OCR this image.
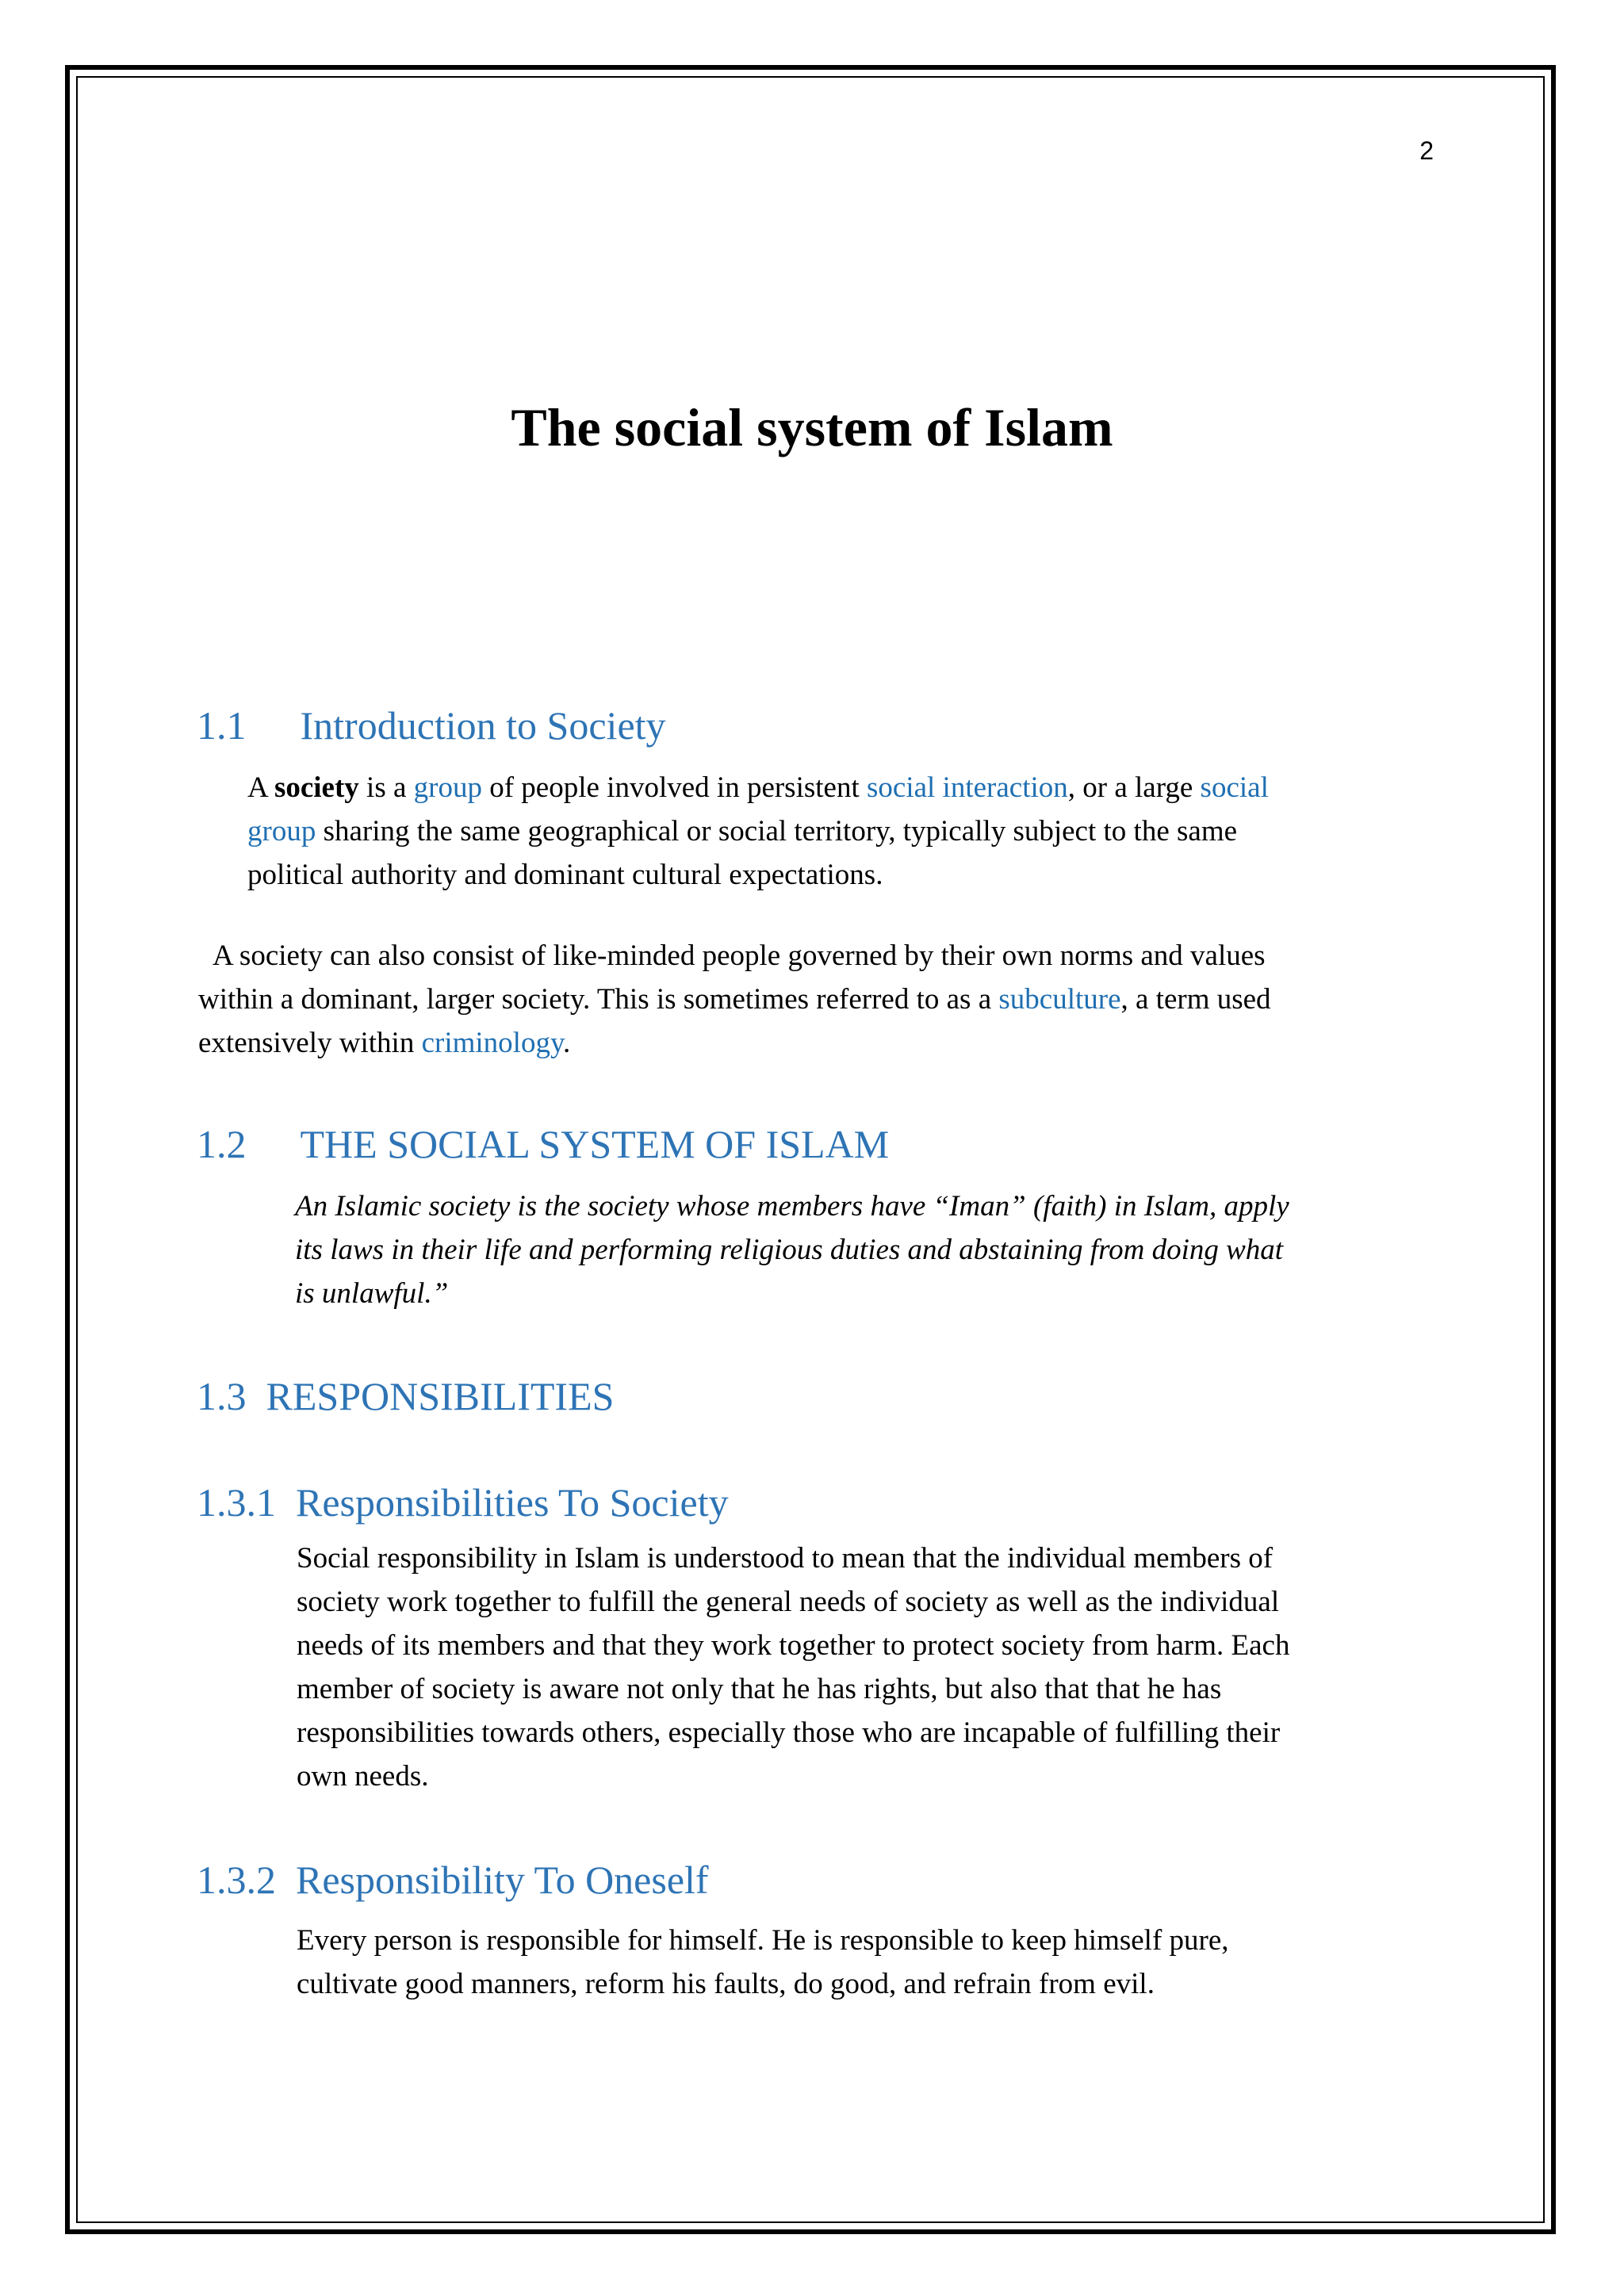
2
The social system of Islam
1.1 Introduction to Society
A society is a group of people involved in persistent social interaction, or a large social
group sharing the same geographical or social territory, typically subject to the same
political authority and dominant cultural expectations.
A society can also consist of like-minded people governed by their own norms and values
within a dominant, larger society. This is sometimes referred to as a subculture, a term used
extensively within criminology.
1.2 THE SOCIAL SYSTEM OF ISLAM
An Islamic society is the society whose members have “Iman” (faith) in Islam, apply
its laws in their life and performing religious duties and abstaining from doing what
is unlawful.”
1.3  RESPONSIBILITIES
1.3.1  Responsibilities To Society
Social responsibility in Islam is understood to mean that the individual members of
society work together to fulfill the general needs of society as well as the individual
needs of its members and that they work together to protect society from harm. Each
member of society is aware not only that he has rights, but also that that he has
responsibilities towards others, especially those who are incapable of fulfilling their
own needs.
1.3.2  Responsibility To Oneself
Every person is responsible for himself. He is responsible to keep himself pure,
cultivate good manners, reform his faults, do good, and refrain from evil.
